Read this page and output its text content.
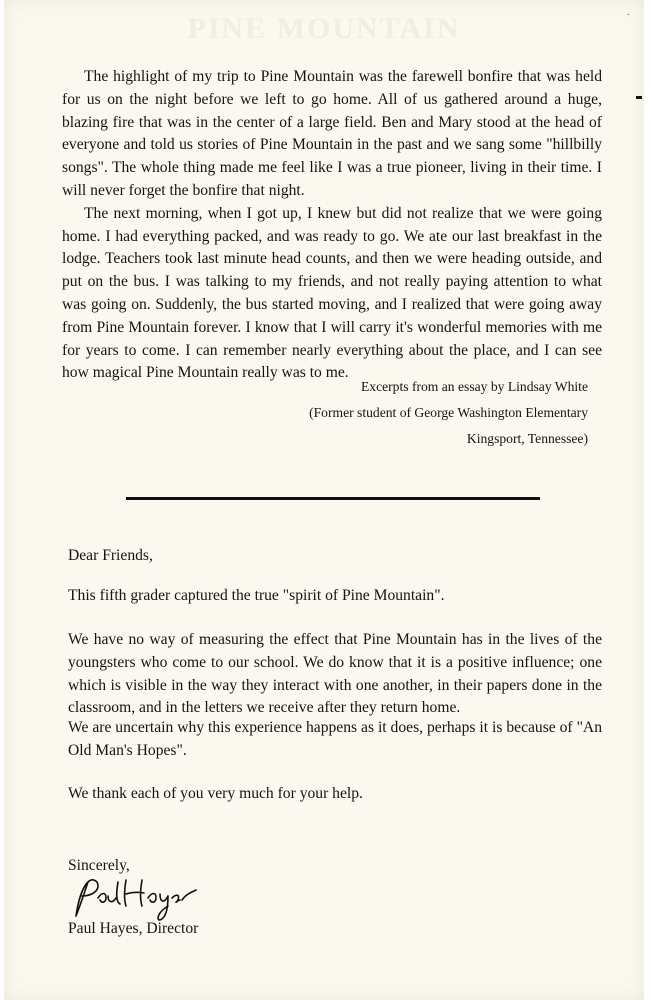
PINE MOUNTAIN	·

The highlight of my trip to Pine Mountain was the farewell bonfire that was held for us on the night before we left to go home. All of us gathered around a huge, blazing fire that was in the center of a large field. Ben and Mary stood at the head of everyone and told us stories of Pine Mountain in the past and we sang some "hillbilly songs". The whole thing made me feel like I was a true pioneer, living in their time. I will never forget the bonfire that night.

The next morning, when I got up, I knew but did not realize that we were going home. I had everything packed, and was ready to go. We ate our last breakfast in the lodge. Teachers took last minute head counts, and then we were heading outside, and put on the bus. I was talking to my friends, and not really paying attention to what was going on. Suddenly, the bus started moving, and I realized that were going away from Pine Mountain forever. I know that I will carry it's wonderful memories with me for years to come. I can remember nearly everything about the place, and I can see how magical Pine Mountain really was to me.

Excerpts from an essay by Lindsay White
(Former student of George Washington Elementary
Kingsport, Tennessee)

Dear Friends,

This fifth grader captured the true "spirit of Pine Mountain".

We have no way of measuring the effect that Pine Mountain has in the lives of the youngsters who come to our school. We do know that it is a positive influence; one which is visible in the way they interact with one another, in their papers done in the classroom, and in the letters we receive after they return home.

We are uncertain why this experience happens as it does, perhaps it is because of "An Old Man's Hopes".

We thank each of you very much for your help.

Sincerely,
Paul Hayes, Director
